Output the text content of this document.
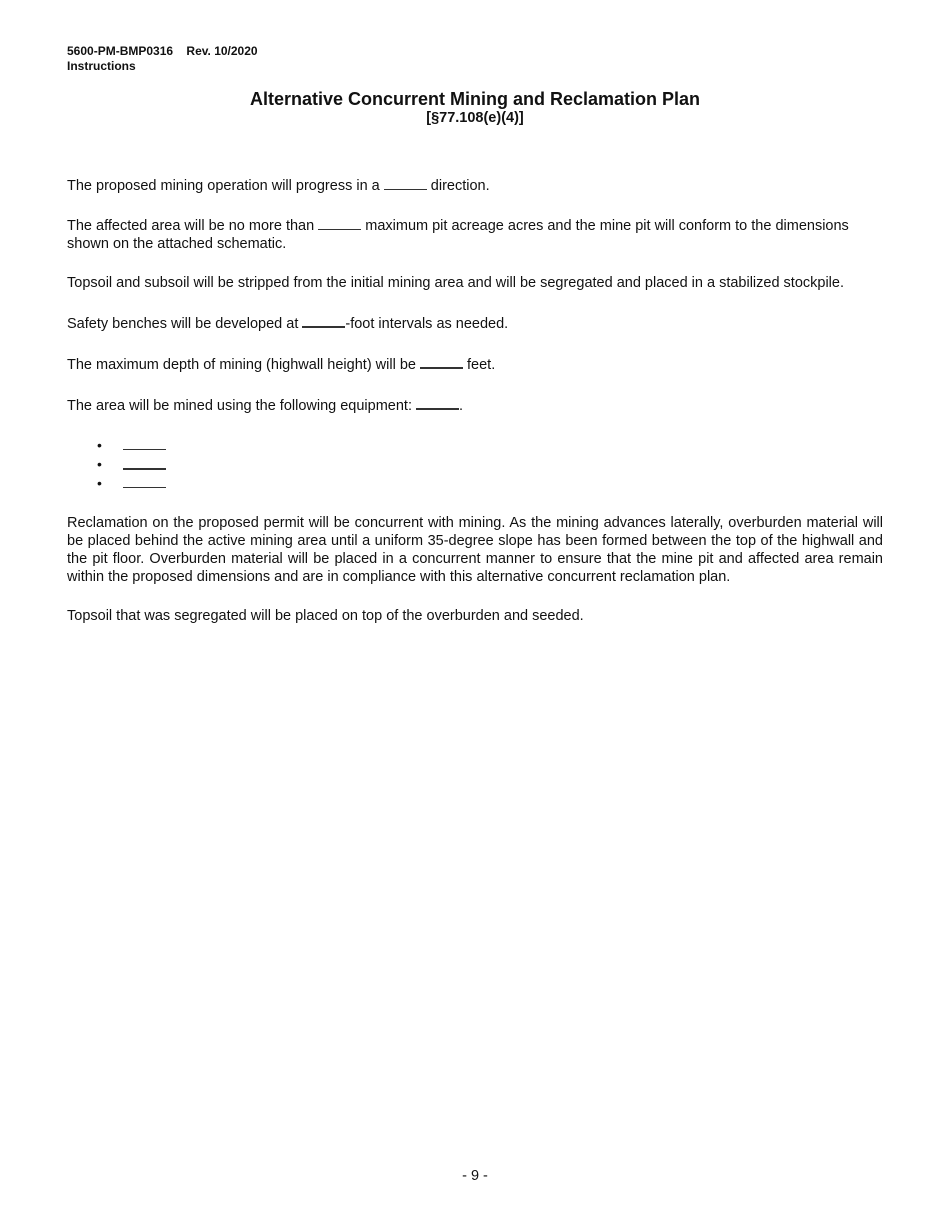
5600-PM-BMP0316 Rev. 10/2020
Instructions
Alternative Concurrent Mining and Reclamation Plan
[§77.108(e)(4)]

The proposed mining operation will progress in a	direction.

The affected area will be no more than	maximum pit acreage acres and the mine pit will conform to the dimensions shown on the attached schematic.

Topsoil and subsoil will be stripped from the initial mining area and will be segregated and placed in a stabilized stockpile.

Safety benches will be developed at	-foot intervals as needed.

The maximum depth of mining (highwall height) will be	feet.

The area will be mined using the following equipment:	.

•
•
•

Reclamation on the proposed permit will be concurrent with mining. As the mining advances laterally, overburden material will be placed behind the active mining area until a uniform 35-degree slope has been formed between the top of the highwall and the pit floor. Overburden material will be placed in a concurrent manner to ensure that the mine pit and affected area remain within the proposed dimensions and are in compliance with this alternative concurrent reclamation plan.

Topsoil that was segregated will be placed on top of the overburden and seeded.

- 9 -
